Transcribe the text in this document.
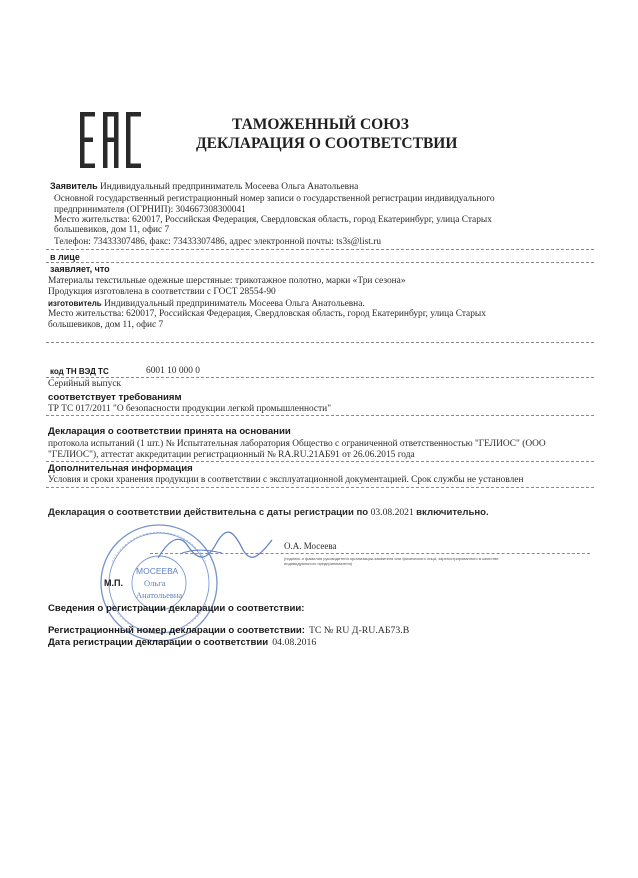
ТАМОЖЕННЫЙ СОЮЗ
ДЕКЛАРАЦИЯ О СООТВЕТСТВИИ
Заявитель Индивидуальный предприниматель Мосеева Ольга Анатольевна
Основной государственный регистрационный номер записи о государственной регистрации индивидуального
предпринимателя (ОГРНИП): 304667308300041
Место жительства: 620017, Российская Федерация, Свердловская область, город Екатеринбург, улица Старых
большевиков, дом 11, офис 7
Телефон: 73433307486, факс: 73433307486, адрес электронной почты: ts3s@list.ru
в лице
заявляет, что
Материалы текстильные одежные шерстяные: трикотажное полотно, марки «Три сезона»
Продукция изготовлена в соответствии с ГОСТ 28554-90
изготовитель Индивидуальный предприниматель Мосеева Ольга Анатольевна.
Место жительства: 620017, Российская Федерация, Свердловская область, город Екатеринбург, улица Старых
большевиков, дом 11, офис 7
код ТН ВЭД ТС	6001 10 000 0
Серийный выпуск
соответствует требованиям
ТР ТС 017/2011 "О безопасности продукции легкой промышленности"
Декларация о соответствии принята на основании
протокола испытаний (1 шт.) № Испытательная лаборатория Общество с ограниченной ответственностью "ГЕЛИОС" (ООО
"ГЕЛИОС"), аттестат аккредитации регистрационный № RA.RU.21АБ91 от 26.06.2015 года
Дополнительная информация
Условия и сроки хранения продукции в соответствии с эксплуатационной документацией. Срок службы не установлен
Декларация о соответствии действительна с даты регистрации по 03.08.2021 включительно.
О.А. Мосеева
(подпись и фамилия руководителя организации-заявителя или физического лица, зарегистрированного в качестве
индивидуального предпринимателя)
МОСЕЕВА
Ольга
Анатольевна
М.П.
Сведения о регистрации декларации о соответствии:
Регистрационный номер декларации о соответствии: ТС № RU Д-RU.АБ73.В
Дата регистрации декларации о соответствии 04.08.2016
